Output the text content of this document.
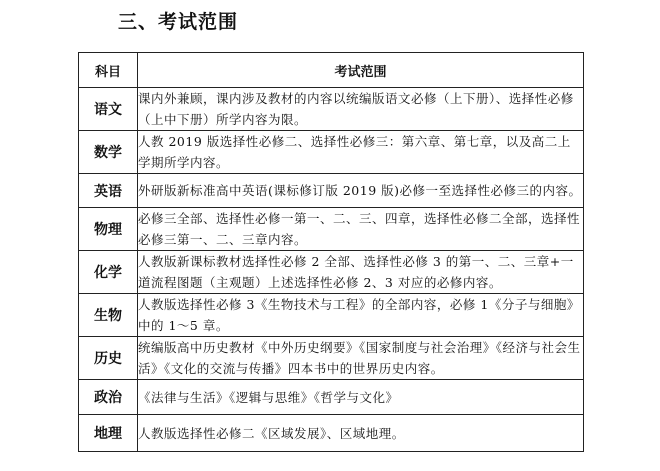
三、考试范围
科目	考试范围
语文	课内外兼顾，课内涉及教材的内容以统编版语文必修（上下册）、选择性必修（上中下册）所学内容为限。
数学	人教 2019 版选择性必修二、选择性必修三：第六章、第七章，以及高二上学期所学内容。
英语	外研版新标准高中英语(课标修订版 2019 版)必修一至选择性必修三的内容。
物理	必修三全部、选择性必修一第一、二、三、四章，选择性必修二全部，选择性必修三第一、二、三章内容。
化学	人教版新课标教材选择性必修 2 全部、选择性必修 3 的第一、二、三章+一道流程图题（主观题）上述选择性必修 2、3 对应的必修内容。
生物	人教版选择性必修 3《生物技术与工程》的全部内容，必修 1《分子与细胞》中的 1～5 章。
历史	统编版高中历史教材《中外历史纲要》《国家制度与社会治理》《经济与社会生活》《文化的交流与传播》四本书中的世界历史内容。
政治	《法律与生活》《逻辑与思维》《哲学与文化》
地理	人教版选择性必修二《区域发展》、区域地理。
